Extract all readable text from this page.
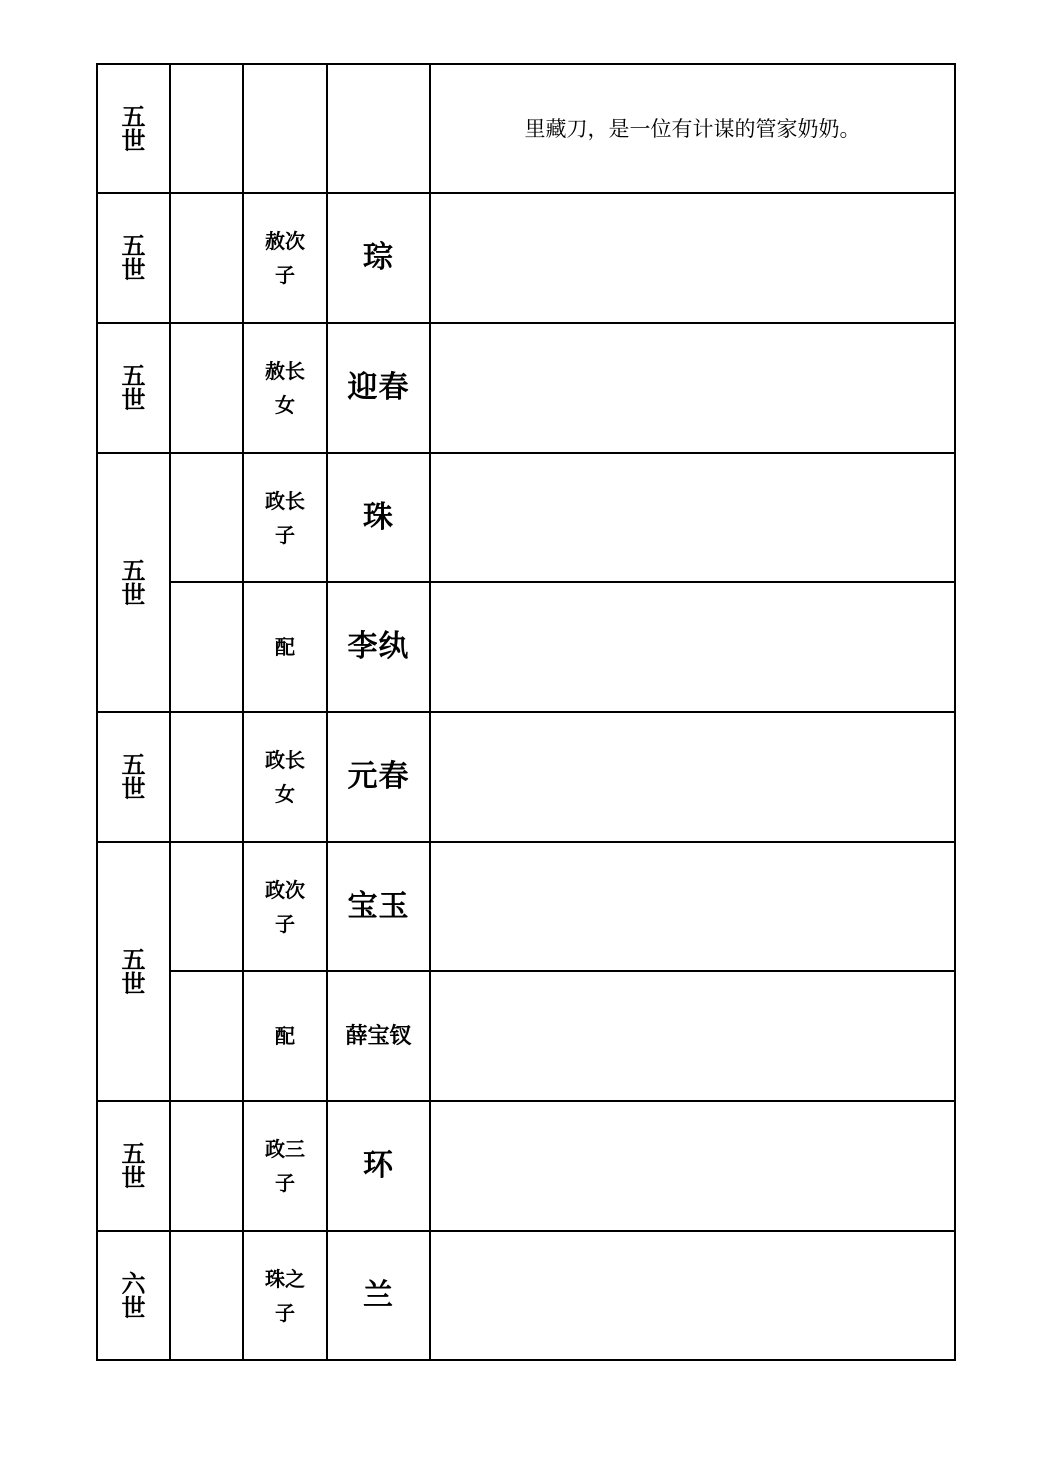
五世				里藏刀，是一位有计谋的管家奶奶。
五世		赦次子	琮	
五世		赦长女	迎春	
五世		政长子	珠	
		配	李纨	
五世		政长女	元春	
五世		政次子	宝玉	
		配	薛宝钗	
五世		政三子	环	
六世		珠之子	兰	
